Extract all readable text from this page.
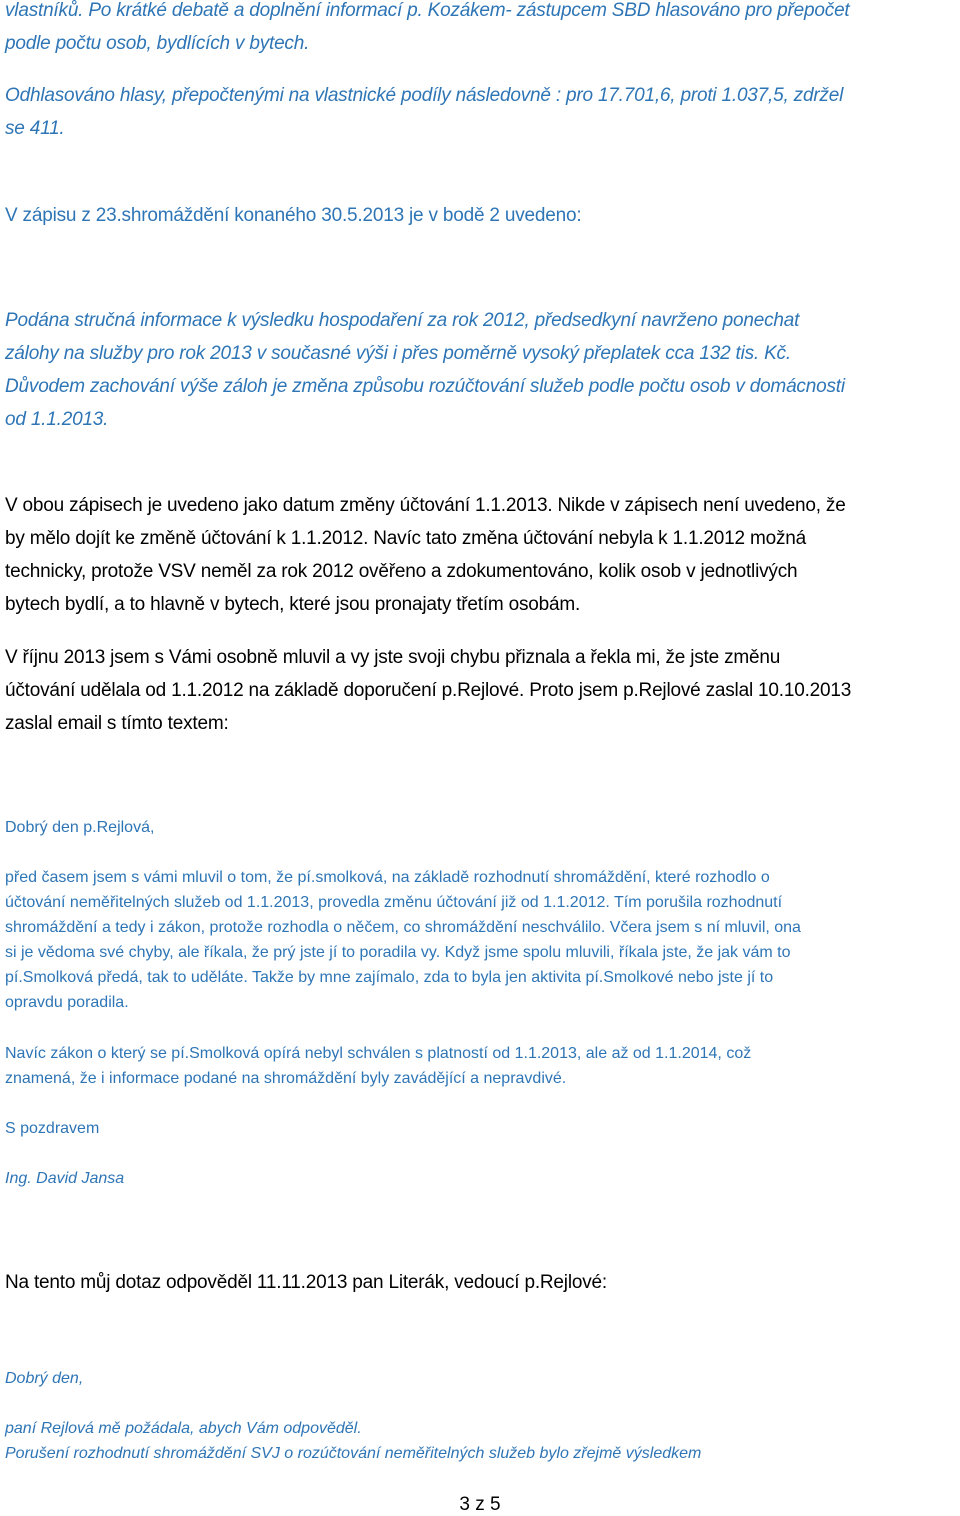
vlastníků. Po krátké debatě a doplnění informací p. Kozákem- zástupcem SBD hlasováno pro přepočet

podle počtu osob, bydlících v bytech.

Odhlasováno hlasy, přepočtenými na vlastnické podíly následovně : pro 17.701,6, proti 1.037,5, zdržel

se 411.

V zápisu z 23.shromáždění konaného 30.5.2013 je v bodě 2 uvedeno:

Podána stručná informace k výsledku hospodaření za rok 2012, předsedkyní navrženo ponechat

zálohy na služby pro rok 2013 v současné výši i přes poměrně vysoký přeplatek cca 132 tis. Kč.

Důvodem zachování výše záloh je změna způsobu rozúčtování služeb podle počtu osob v domácnosti

od 1.1.2013.

V obou zápisech je uvedeno jako datum změny účtování 1.1.2013. Nikde v zápisech není uvedeno, že

by mělo dojít ke změně účtování k 1.1.2012. Navíc tato změna účtování nebyla k 1.1.2012 možná

technicky, protože VSV neměl za rok 2012 ověřeno a zdokumentováno, kolik osob v jednotlivých

bytech bydlí, a to hlavně v bytech, které jsou pronajaty třetím osobám.

V říjnu 2013 jsem s Vámi osobně mluvil a vy jste svoji chybu přiznala a řekla mi, že jste změnu

účtování udělala od 1.1.2012 na základě doporučení p.Rejlové. Proto jsem p.Rejlové zaslal 10.10.2013

zaslal email s tímto textem:

Dobrý den p.Rejlová,

před časem jsem s vámi mluvil o tom, že pí.smolková, na základě rozhodnutí shromáždění, které rozhodlo o

účtování neměřitelných služeb od 1.1.2013, provedla změnu účtování již od 1.1.2012. Tím porušila rozhodnutí

shromáždění a tedy i zákon, protože rozhodla o něčem, co shromáždění neschválilo. Včera jsem s ní mluvil, ona

si je vědoma své chyby, ale říkala, že prý jste jí to poradila vy. Když jsme spolu mluvili, říkala jste, že jak vám to

pí.Smolková předá, tak to uděláte. Takže by mne zajímalo, zda to byla jen aktivita pí.Smolkové nebo jste jí to

opravdu poradila.

Navíc zákon o který se pí.Smolková opírá nebyl schválen s platností od 1.1.2013, ale až od 1.1.2014, což

znamená, že i informace podané na shromáždění byly zavádějící a nepravdivé.

S pozdravem

Ing. David Jansa

Na tento můj dotaz odpověděl 11.11.2013 pan Literák, vedoucí p.Rejlové:

Dobrý den,

paní Rejlová mě požádala, abych Vám odpověděl.

Porušení rozhodnutí shromáždění SVJ o rozúčtování neměřitelných služeb bylo zřejmě výsledkem

3 z 5
